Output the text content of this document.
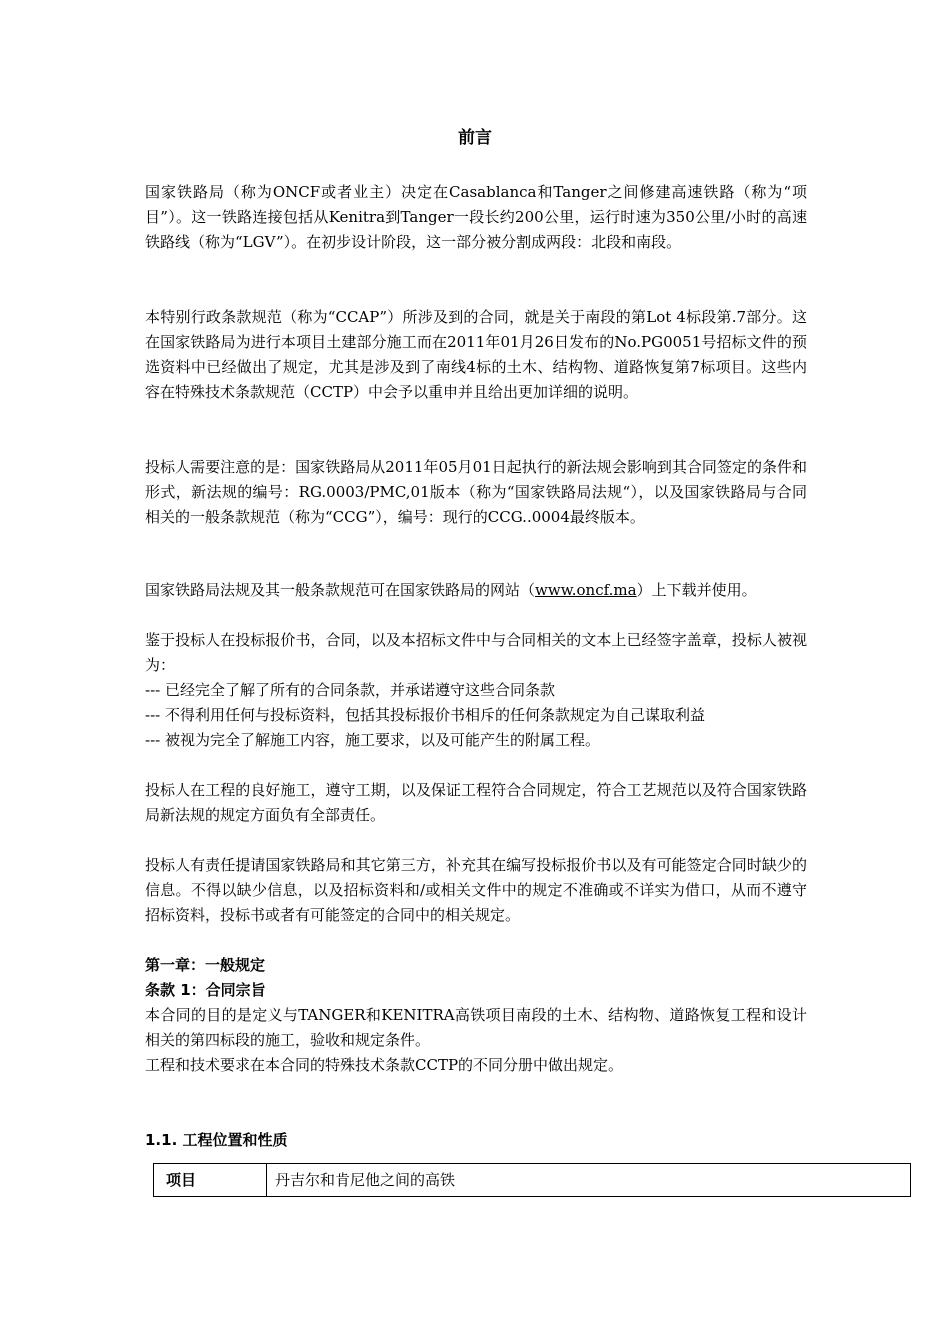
前言

国家铁路局（称为ONCF或者业主）决定在Casablanca和Tanger之间修建高速铁路（称为“项目”）。这一铁路连接包括从Kenitra到Tanger一段长约200公里，运行时速为350公里/小时的高速铁路线（称为“LGV”）。在初步设计阶段，这一部分被分割成两段：北段和南段。

本特别行政条款规范（称为“CCAP”）所涉及到的合同，就是关于南段的第Lot 4标段第.7部分。这在国家铁路局为进行本项目土建部分施工而在2011年01月26日发布的No.PG0051号招标文件的预选资料中已经做出了规定，尤其是涉及到了南线4标的土木、结构物、道路恢复第7标项目。这些内容在特殊技术条款规范（CCTP）中会予以重申并且给出更加详细的说明。

投标人需要注意的是：国家铁路局从2011年05月01日起执行的新法规会影响到其合同签定的条件和形式，新法规的编号：RG.0003/PMC,01版本（称为“国家铁路局法规“），以及国家铁路局与合同相关的一般条款规范（称为“CCG”），编号：现行的CCG..0004最终版本。

国家铁路局法规及其一般条款规范可在国家铁路局的网站（www.oncf.ma）上下载并使用。

鉴于投标人在投标报价书，合同，以及本招标文件中与合同相关的文本上已经签字盖章，投标人被视为：

--- 已经完全了解了所有的合同条款，并承诺遵守这些合同条款

--- 不得利用任何与投标资料，包括其投标报价书相斥的任何条款规定为自己谋取利益

--- 被视为完全了解施工内容，施工要求，以及可能产生的附属工程。

投标人在工程的良好施工，遵守工期，以及保证工程符合合同规定，符合工艺规范以及符合国家铁路局新法规的规定方面负有全部责任。

投标人有责任提请国家铁路局和其它第三方，补充其在编写投标报价书以及有可能签定合同时缺少的信息。不得以缺少信息，以及招标资料和/或相关文件中的规定不准确或不详实为借口，从而不遵守招标资料，投标书或者有可能签定的合同中的相关规定。

第一章：一般规定

条款 1：合同宗旨

本合同的目的是定义与TANGER和KENITRA高铁项目南段的土木、结构物、道路恢复工程和设计相关的第四标段的施工，验收和规定条件。

工程和技术要求在本合同的特殊技术条款CCTP的不同分册中做出规定。

1.1. 工程位置和性质
项目	丹吉尔和肯尼他之间的高铁
